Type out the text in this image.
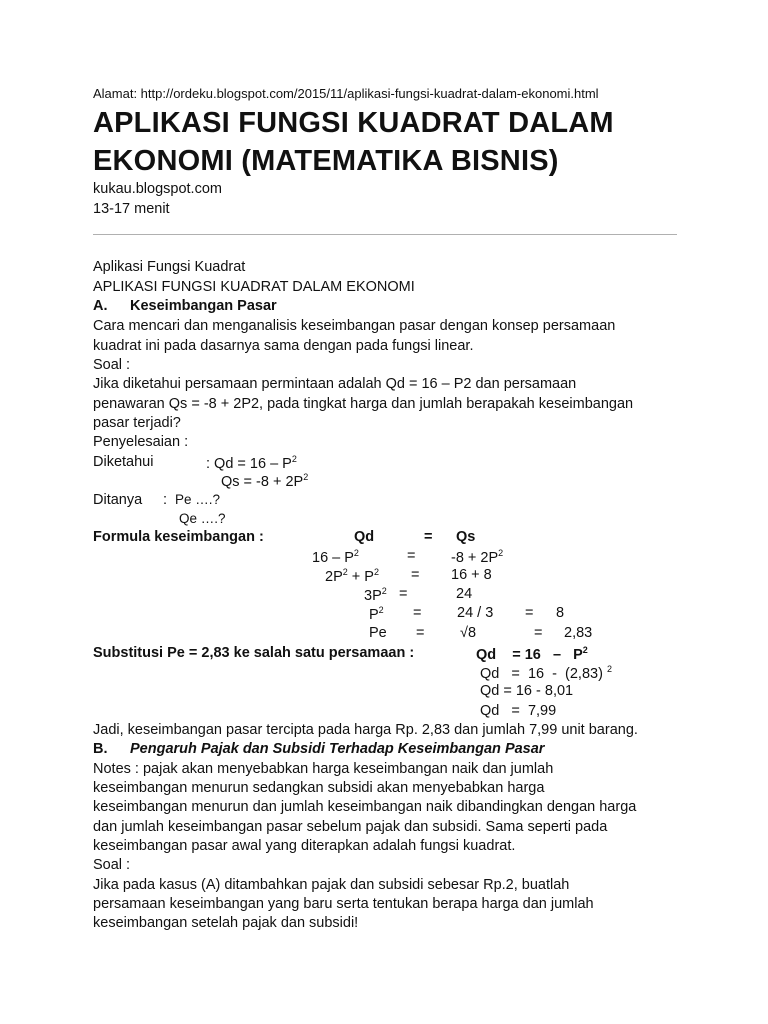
Alamat: http://ordeku.blogspot.com/2015/11/aplikasi-fungsi-kuadrat-dalam-ekonomi.html
APLIKASI FUNGSI KUADRAT DALAM
EKONOMI (MATEMATIKA BISNIS)
kukau.blogspot.com
13-17 menit
Aplikasi Fungsi Kuadrat
APLIKASI FUNGSI KUADRAT DALAM EKONOMI
A. Keseimbangan Pasar
Cara mencari dan menganalisis keseimbangan pasar dengan konsep persamaan
kuadrat ini pada dasarnya sama dengan pada fungsi linear.
Soal :
Jika diketahui persamaan permintaan adalah Qd = 16 – P2 dan persamaan
penawaran Qs = -8 + 2P2, pada tingkat harga dan jumlah berapakah keseimbangan
pasar terjadi?
Penyelesaian :
Diketahui	: $Qd = 16 - P^2$
$Qs = -8 + 2P^2$
Ditanya : Pe ….?
Qe ….?
Formula keseimbangan :	Qd	= Qs
$16 - P^2$	= $-8 + 2P^2$
$2P^2 + P^2 = 16 + 8$
$3P^2$ =	24
$P^2 = 24 / 3 = 8$
Pe = √8	= 2,83
Substitusi Pe = 2,83 ke salah satu persamaan :	Qd    = $16 - P^2$
Qd   =  16  -  (2,83) $^2$
Qd = 16 - 8,01
Qd   =  7,99
Jadi, keseimbangan pasar tercipta pada harga Rp. 2,83 dan jumlah 7,99 unit barang.
B. Pengaruh Pajak dan Subsidi Terhadap Keseimbangan Pasar
Notes : pajak akan menyebabkan harga keseimbangan naik dan jumlah
keseimbangan menurun sedangkan subsidi akan menyebabkan harga
keseimbangan menurun dan jumlah keseimbangan naik dibandingkan dengan harga
dan jumlah keseimbangan pasar sebelum pajak dan subsidi. Sama seperti pada
keseimbangan pasar awal yang diterapkan adalah fungsi kuadrat.
Soal :
Jika pada kasus (A) ditambahkan pajak dan subsidi sebesar Rp.2, buatlah
persamaan keseimbangan yang baru serta tentukan berapa harga dan jumlah
keseimbangan setelah pajak dan subsidi!
